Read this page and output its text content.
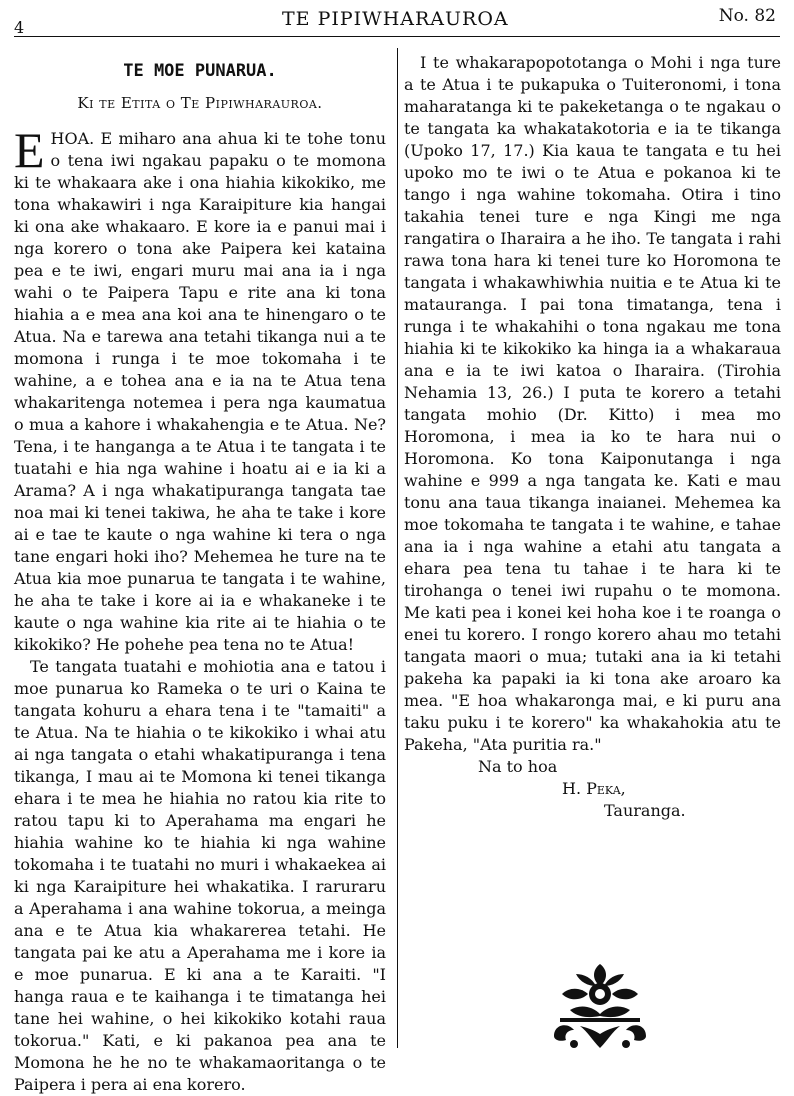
4	TE PIPIWHARAUROA	No. 82
TE MOE PUNARUA.
Ki te Etita o Te Pipiwharauroa.

EHOA. E miharo ana ahua ki te tohe tonu o tena iwi ngakau papaku o te momona ki te whakaara ake i ona hiahia kikokiko, me tona whakawiri i nga Karaipiture kia hangai ki ona ake whakaaro. E kore ia e panui mai i nga korero o tona ake Paipera kei kataina pea e te iwi, engari muru mai ana ia i nga wahi o te Paipera Tapu e rite ana ki tona hiahia a e mea ana koi ana te hinengaro o te Atua. Na e tarewa ana tetahi tikanga nui a te momona i runga i te moe tokomaha i te wahine, a e tohea ana e ia na te Atua tena whakaritenga notemea i pera nga kaumatua o mua a kahore i whakahengia e te Atua. Ne? Tena, i te hanganga a te Atua i te tangata i te tuatahi e hia nga wahine i hoatu ai e ia ki a Arama? A i nga whakatipuranga tangata tae noa mai ki tenei takiwa, he aha te take i kore ai e tae te kaute o nga wahine ki tera o nga tane engari hoki iho? Mehemea he ture na te Atua kia moe punarua te tangata i te wahine, he aha te take i kore ai ia e whakaneke i te kaute o nga wahine kia rite ai te hiahia o te kikokiko? He pohehe pea tena no te Atua!

Te tangata tuatahi e mohiotia ana e tatou i moe punarua ko Rameka o te uri o Kaina te tangata kohuru a ehara tena i te "tamaiti" a te Atua. Na te hiahia o te kikokiko i whai atu ai nga tangata o etahi whakatipuranga i tena tikanga, I mau ai te Momona ki tenei tikanga ehara i te mea he hiahia no ratou kia rite to ratou tapu ki to Aperahama ma engari he hiahia wahine ko te hiahia ki nga wahine tokomaha i te tuatahi no muri i whakaekea ai ki nga Karaipiture hei whakatika. I raruraru a Aperahama i ana wahine tokorua, a meinga ana e te Atua kia whakarerea tetahi. He tangata pai ke atu a Aperahama me i kore ia e moe punarua. E ki ana a te Karaiti. "I hanga raua e te kaihanga i te timatanga hei tane hei wahine, o hei kikokiko kotahi raua tokorua." Kati, e ki pakanoa pea ana te Momona he he no te whakamaoritanga o te Paipera i pera ai ena korero.

I te whakarapopototanga o Mohi i nga ture a te Atua i te pukapuka o Tuiteronomi, i tona maharatanga ki te pakeketanga o te ngakau o te tangata ka whakatakotoria e ia te tikanga (Upoko 17, 17.) Kia kaua te tangata e tu hei upoko mo te iwi o te Atua e pokanoa ki te tango i nga wahine tokomaha. Otira i tino takahia tenei ture e nga Kingi me nga rangatira o Iharaira a he iho. Te tangata i rahi rawa tona hara ki tenei ture ko Horomona te tangata i whakawhiwhia nuitia e te Atua ki te matauranga. I pai tona timatanga, tena i runga i te whakahihi o tona ngakau me tona hiahia ki te kikokiko ka hinga ia a whakaraua ana e ia te iwi katoa o Iharaira. (Tirohia Nehamia 13, 26.) I puta te korero a tetahi tangata mohio (Dr. Kitto) i mea mo Horomona, i mea ia ko te hara nui o Horomona. Ko tona Kaiponutanga i nga wahine e 999 a nga tangata ke. Kati e mau tonu ana taua tikanga inaianei. Mehemea ka moe tokomaha te tangata i te wahine, e tahae ana ia i nga wahine a etahi atu tangata a ehara pea tena tu tahae i te hara ki te tirohanga o tenei iwi rupahu o te momona. Me kati pea i konei kei hoha koe i te roanga o enei tu korero. I rongo korero ahau mo tetahi tangata maori o mua; tutaki ana ia ki tetahi pakeha ka papaki ia ki tona ake aroaro ka mea. "E hoa whakaronga mai, e ki puru ana taku puku i te korero" ka whakahokia atu te Pakeha, "Ata puritia ra."

Na to hoa

H. Peka,

Tauranga.
